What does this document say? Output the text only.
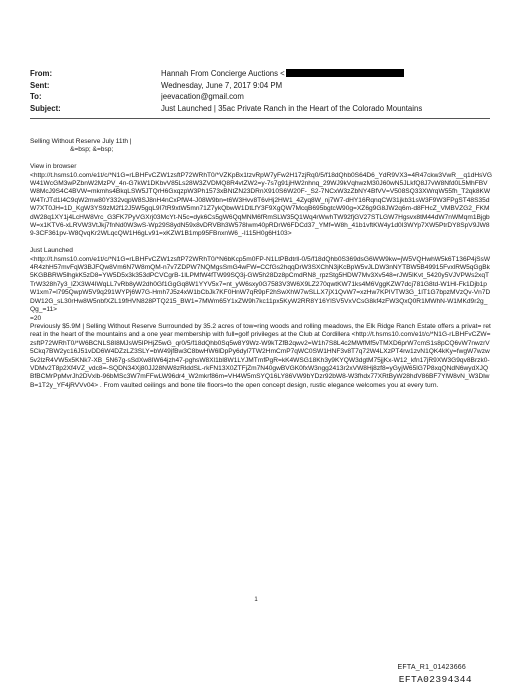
From:	Hannah From Concierge Auctions <
Sent:	Wednesday, June 7, 2017 9:04 PM
To:	jeevacation@gmail.com
Subject:	Just Launched | 35ac Private Ranch in the Heart of the Colorado Mountains

Selling Without Reserve July 11th |

&=bsp; &=bsp;

View in browser

<http://t.hsms10.com/e1t/c/*N1G=rLBHFvCZW1zsftP72WRhT0/*VZKpBx1tzvRpW7yFw2H17zjRq0/5/f18dQhb0S64D6_YdR9VX3=4R47ckw3VwR__q1dHsVGW41WcGM3wPZbnW2MzPV_4n-G7kW1DKbvV85Ls28W3ZVDMQ8R4vtZW2=y-7s7g91jHW2nhnq_29WJ9kVqhwzM30J60wN5JLkfQ8J7vW8Nfd0L5MhFBVW8McJ9S4C4BVW=mkmhs4BkqLSW5JTQrH6GxqzpW3Ph1573xBNtZN23DRnX910S6W20F-_S2-7NCxW3zZbNY4BfVV=V508SQ33XWrqW55fh_T2qk8KWW4TrJTd1I4C9qW2mw80Y332vqpW8SJ8nH4nCxPfW4-J08W9bn=t6W3Hvv8T6vHj2HW1_4Zyq8W_nj7W7-dHY16RqnqCW31jkb31sW3F9W3FPgST48S35dW7XT0JH=1D_KgW3YS9zM2f12J5W5gqL9I7tR9xtW5mn71Z7ykQbwW1DtLfY3F9XgQW7McqB695bgtcW90g=XZ6g9G8JW2q6m-d8FHcZ_VMBVZG2_FKMdW28q1XY1j4LcHW8Vrc_G3FK7PyVGXrj03McYt-N5c=dyk6Cs5gW6QqMNM6fRmSLW35Q1Wq4rWwhTW92fjGV27STLGW7Hgsvx8tM44dW7nWMqm1BjgbW=x1KTV6-xLRVW3VtJkj7fnNd0W3wS-Wp29S8ydN59x8vDRVBh3W578Iwm40pRDrW6FDCd37_YMf=W8h_41b1vftKW4y1d0I3WYp7XW5PtrDY8SpV9JW89-3CF361pv-W8QvqKr2WLqcQW1H6gLv91=xKZW1B1mp95FBnxnW6_-I115H0g6H103>

Just Launched

<http://t.hsms10.com/e1t/c/*N1G=rLBHFvCZW1zsftP72WRhT0/*N6bKcp5m0FP-N1LtPBdtrll-0/5/f18dQhb0S369dsG6WW9kw=jW5VQHwhW5k6T136P4jSsW4R4zhH57mvFqW3BJFQw8Vm6N7W8mQM-n7v7ZDPW7NQMgsSmG4wFW=CCfGs2hqqDrW3SXChN3jKcBpW5vJLDW3nNYTBW5B49915FvxlRW5qGgBk5KGBBRW5lhgkK5zD8=YW5D5x3k353dPCVCgrB-1lLPMfW4fTW99SQ3j-GW5h28Dz8pCmdRN8_rpzStg5HDW7Mv3Xv548=rJW5lKvt_5420y5VJVPWs2xqTTrW328h7y3_lZX3W4IWqLL7vRb8yW2dh0Gf1GgGq8W1YYV5x7=nt_yW6sxy0G7583V3W6X9LZ270qwtKW71ks4M6VggKZW7dcj781G8td-W1Hl-Fk1Djb1pW1xm7=l795QwpW5V9q291WYPj6W7G-Hmh7J5z4xW1bCbJk7KF0HnW7qR9pF2hSwXhW7wSLLX7jX1QvW7=xzHw7KPIVTW3G_1lT1G7bpzMVzQv-Vn7DDW12G_sL30rHw8W5nbfXZL19fHVN828PTQ215_BW1=7MWm65Y1xZW9h7kc11px5KyW2RR8Y16YlSV5VxVCsG8kf4zFW3QxQ0R1MWhN-W1MKd9r2g_Qg_=11>

=20

Previously $5.9M | Selling Without Reserve Surrounded by 35.2 acres of tow=ring woods and rolling meadows, the Elk Ridge Ranch Estate offers a privat= retreat in the heart of the mountains and a one year membership with full=golf privileges at the Club at Cordillera <http://t.hsms10.com/e1t/c/*N1G-rLBHFvCZW=zsftP72WRhT0/*W6BCNLS8I8MJsW5IPHjZ5wG_qr0/5/f18dQhb0Sq5w8Y9Wz-W9kTZfB2qwv2=W1h7S8L4c2MWfMf5vTMXD6prW7cmS1s8pCQ6vW7nwzrV5Ckq7BW2yc16J51vDD6W4DZzLZ3SLY=bW49jfBw3C8bwHW6lDpPy6dyl7TW2HmCmP7qWC0SW1HNF3v8T7q72W4LXzPT4rw1zvN1QK4kKy=fwgW7wzw5v2lzR4VW5x5KNk7-XB_5N67g-sSdXw8IW64jzh47-pghsW8Xl1bl8W1LYJMTmfPgR=kK4WSG18Kh3y9KYQW3dgtM75jjKx-W12_kfn17jR9XW3G9qv8Brzk0-VDMv2T8p2Xf4VZ_vdc8=-SQDN34Xj80JJ28NW8zRlddSL-rkFN13X0ZTFjZm7N40gwBVGK0fxW3ngg2413r2xVW8Hj8zf8=yGyjW65lG7P8xqQNdN6wydXJQBfBCMrPpMvrJh2DVxlb-96bMSc3W7mFFwLW96dr4_W2mkrf86m=VH4W5mSYQ16LY86VW9bYDzr92bW8-W3fhdx77XRtByW28hdV86BF7YlW8vN_W3DlwB=1T2y_YF4jRVVv04> . From vaulted ceilings and bone tile floors=to the open concept design, rustic elegance welcomes you at every turn.

1
EFTA_R1_01423666
EFTA02394344
